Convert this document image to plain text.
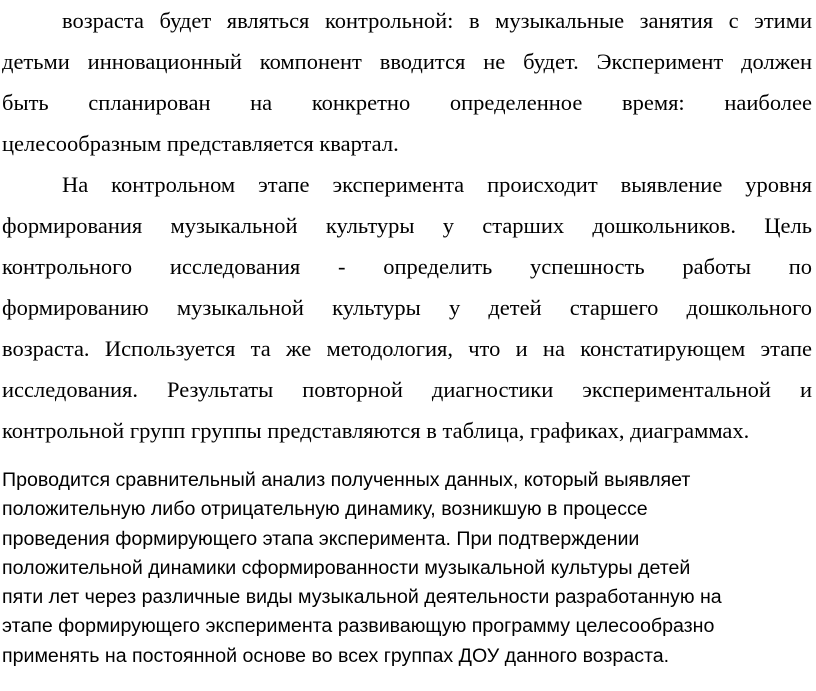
возраста будет являться контрольной: в музыкальные занятия с этими
детьми инновационный компонент вводится не будет. Эксперимент должен
быть спланирован на конкретно определенное время: наиболее
целесообразным представляется квартал.
На контрольном этапе эксперимента происходит выявление уровня
формирования музыкальной культуры у старших дошкольников. Цель
контрольного исследования - определить успешность работы по
формированию музыкальной культуры у детей старшего дошкольного
возраста. Используется та же методология, что и на констатирующем этапе
исследования. Результаты повторной диагностики экспериментальной и
контрольной групп группы представляются в таблица, графиках, диаграммах.
Проводится сравнительный анализ полученных данных, который выявляет
положительную либо отрицательную динамику, возникшую в процессе
проведения формирующего этапа эксперимента. При подтверждении
положительной динамики сформированности музыкальной культуры детей
пяти лет через различные виды музыкальной деятельности разработанную на
этапе формирующего эксперимента развивающую программу целесообразно
применять на постоянной основе во всех группах ДОУ данного возраста.
